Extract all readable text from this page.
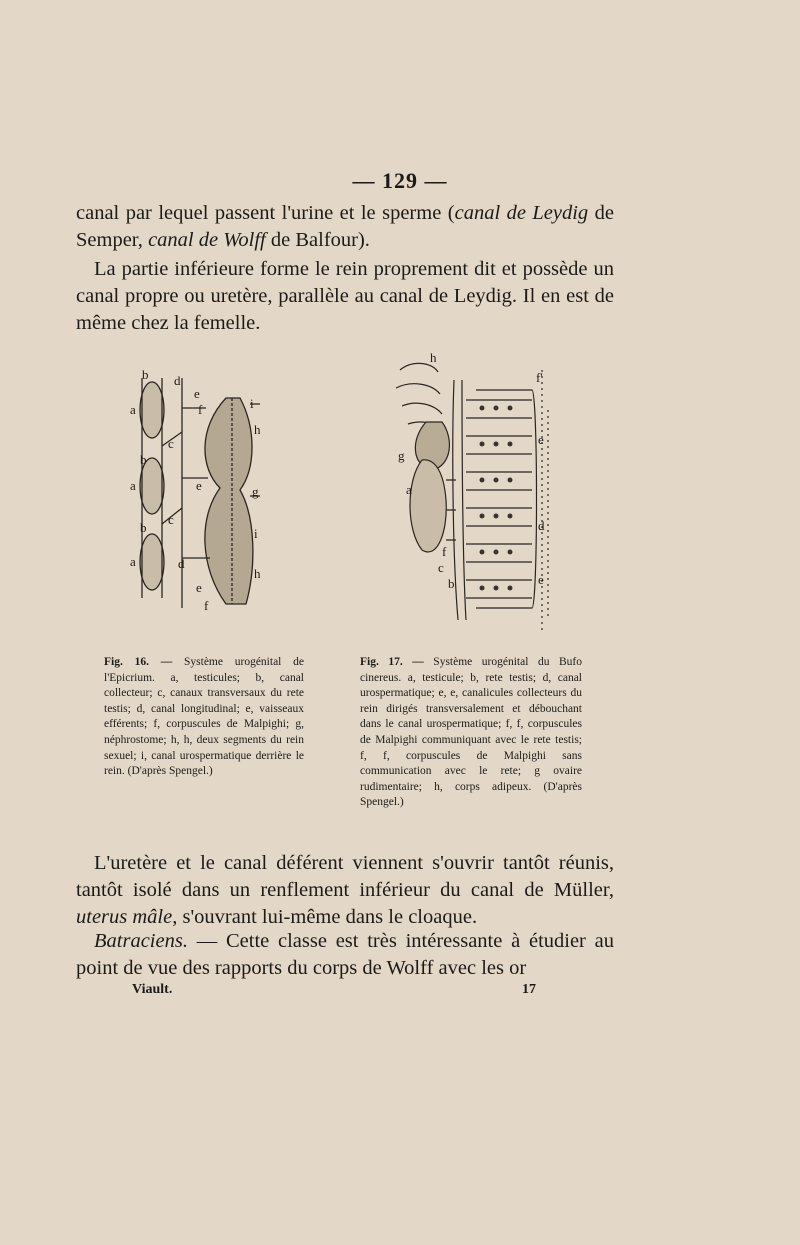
— 129 —
canal par lequel passent l'urine et le sperme (canal de Leydig de Semper, canal de Wolff de Balfour).
La partie inférieure forme le rein proprement dit et possède un canal propre ou uretère, parallèle au canal de Leydig. Il en est de même chez la femelle.
b d
a	f
e
i
h
c
b
g
a	e
c
b	i
a	d
h
e
f
h
f'
e
g
a
d
f
c
b	e
Fig. 16. — Système urogénital de l'Epicrium. a, testicules; b, canal collecteur; c, canaux transversaux du rete testis; d, canal longitudinal; e, vaisseaux efférents; f, corpuscules de Malpighi; g, néphrostome; h, h, deux segments du rein sexuel; i, canal urospermatique derrière le rein. (D'après Spengel.)
Fig. 17. — Système urogénital du Bufo cinereus. a, testicule; b, rete testis; d, canal urospermatique; e, e, canalicules collecteurs du rein dirigés transversalement et débouchant dans le canal urospermatique; f, f, corpuscules de Malpighi communiquant avec le rete testis; f, f, corpuscules de Malpighi sans communication avec le rete; g ovaire rudimentaire; h, corps adipeux. (D'après Spengel.)
L'uretère et le canal déférent viennent s'ouvrir tantôt réunis, tantôt isolé dans un renflement inférieur du canal de Müller, uterus mâle, s'ouvrant lui-même dans le cloaque.
Batraciens. — Cette classe est très intéressante à étudier au point de vue des rapports du corps de Wolff avec les or
Viault.	17
